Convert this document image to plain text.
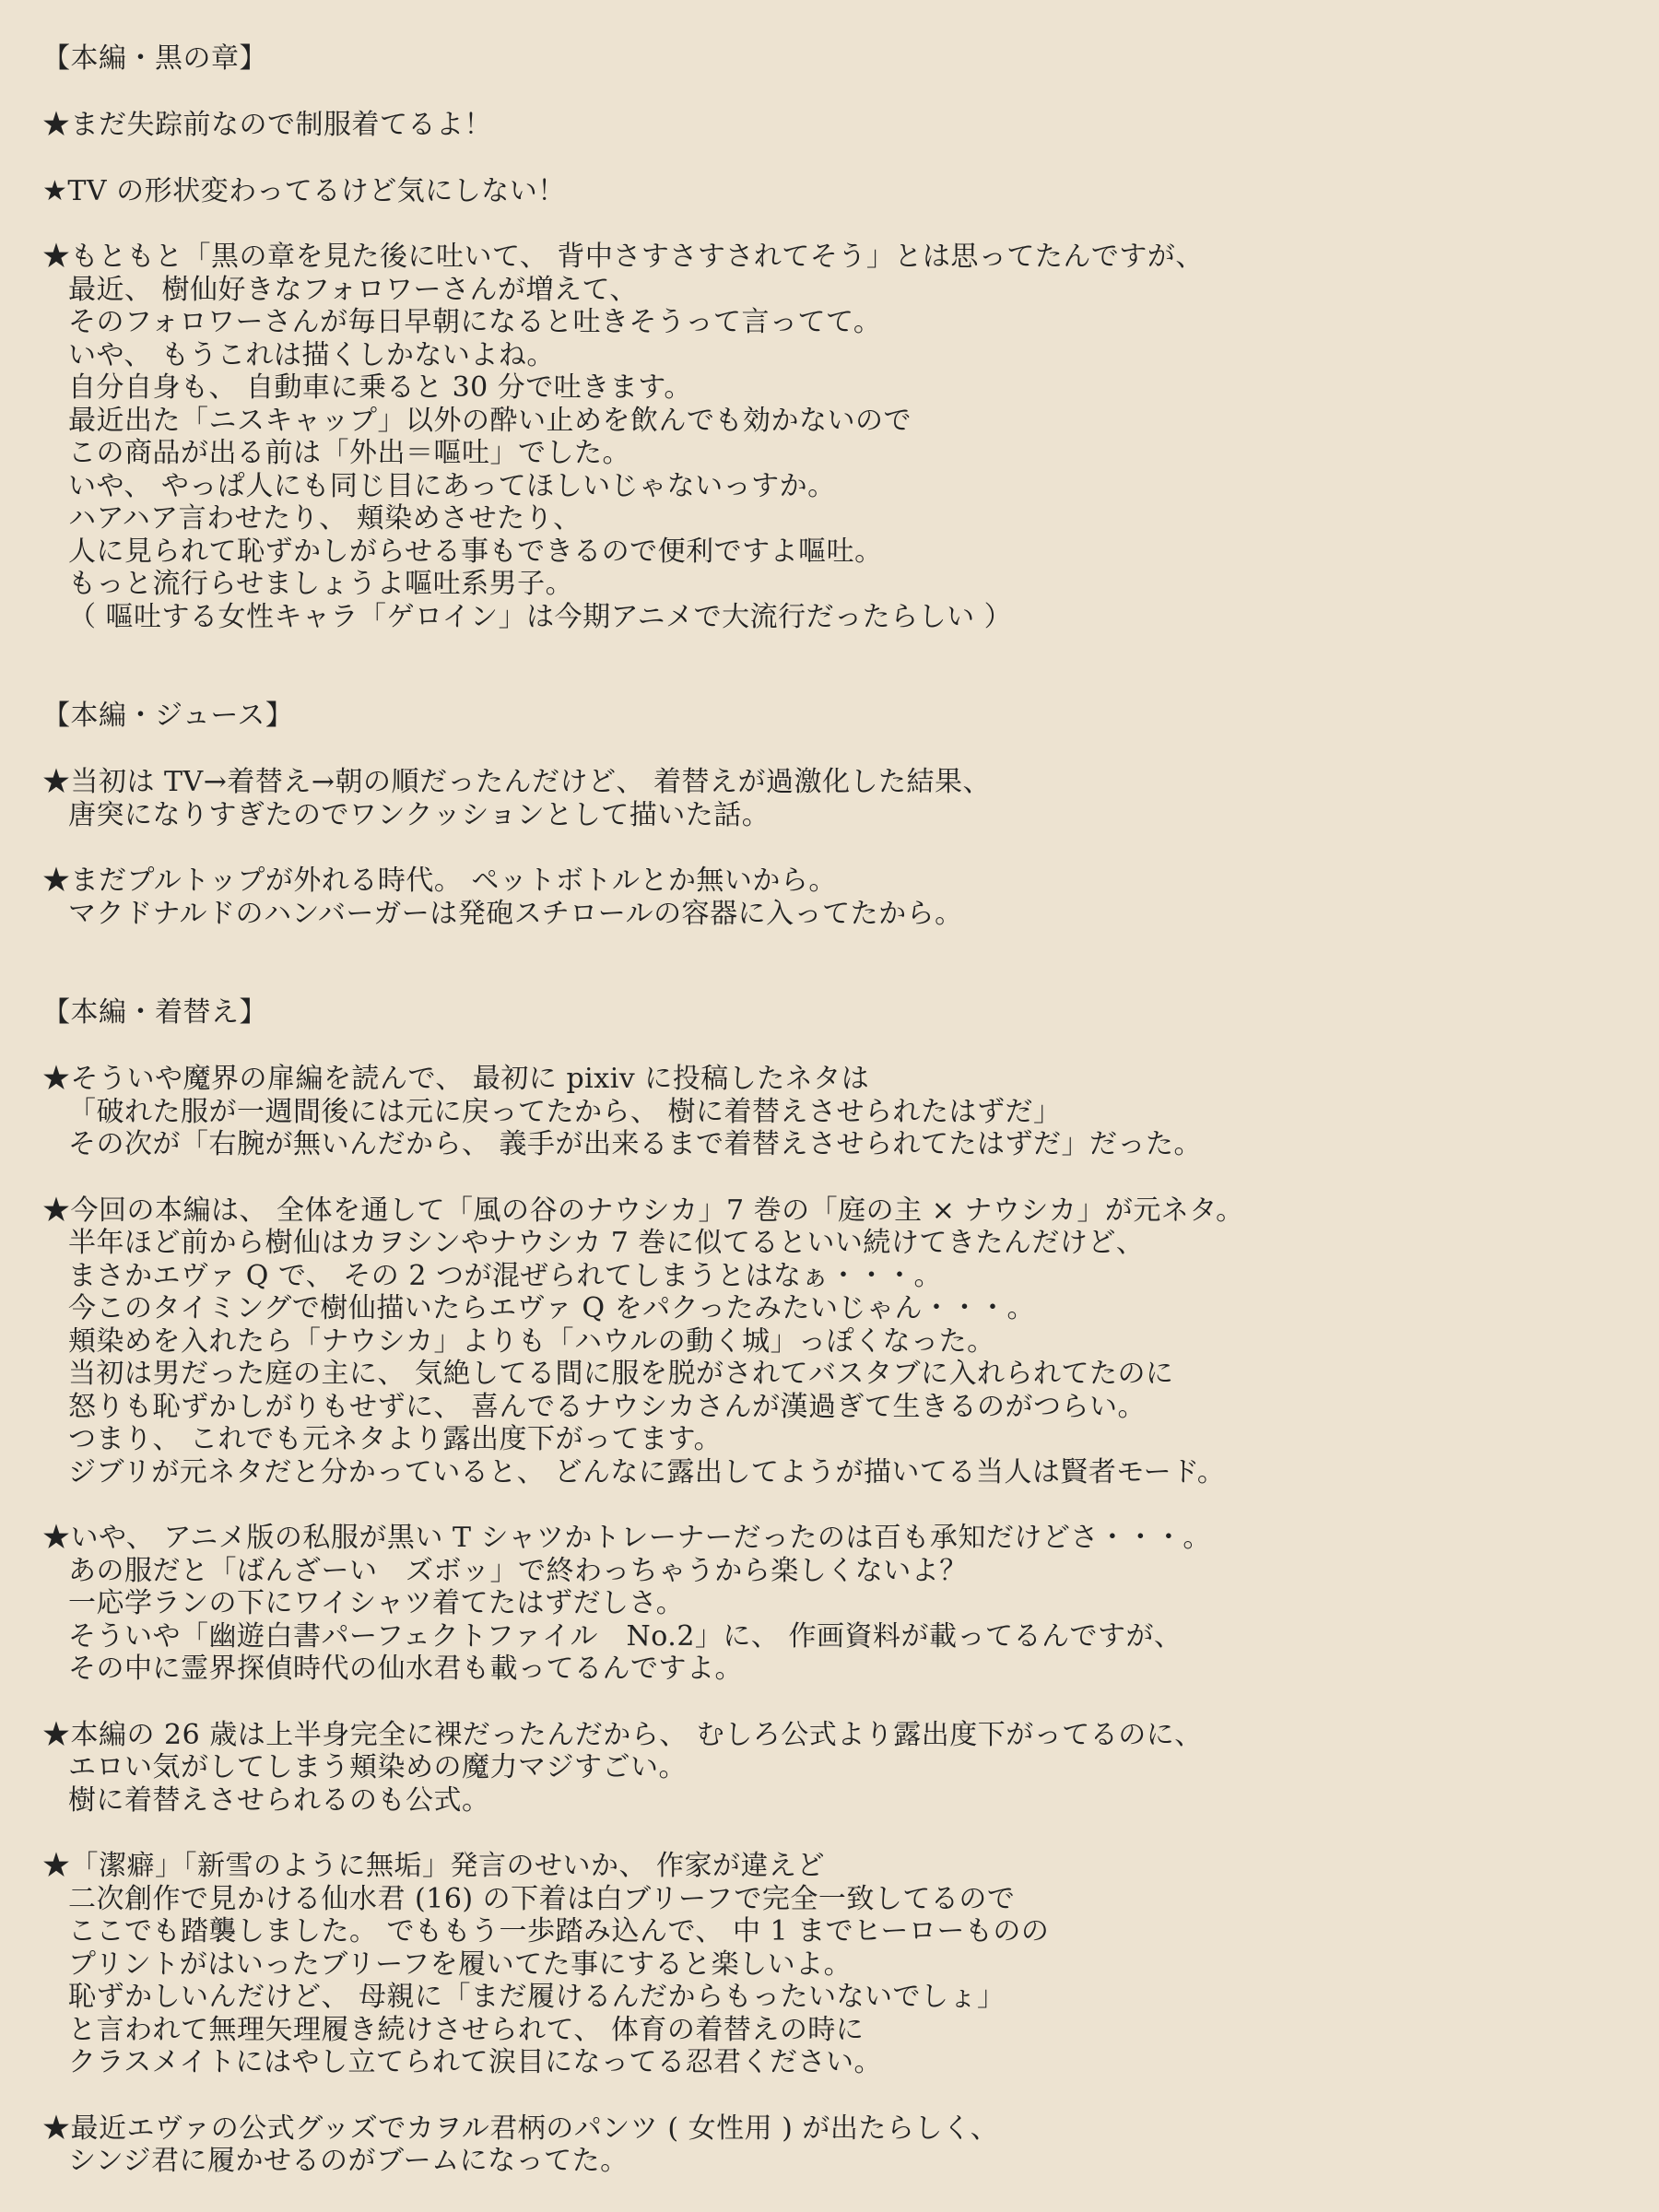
【本編・黒の章】
★まだ失踪前なので制服着てるよ！
★TV の形状変わってるけど気にしない！
★もともと「黒の章を見た後に吐いて、 背中さすさすされてそう」とは思ってたんですが、
最近、 樹仙好きなフォロワーさんが増えて、
そのフォロワーさんが毎日早朝になると吐きそうって言ってて。
いや、 もうこれは描くしかないよね。
自分自身も、 自動車に乗ると 30 分で吐きます。
最近出た「ニスキャップ」以外の酔い止めを飲んでも効かないので
この商品が出る前は「外出＝嘔吐」でした。
いや、 やっぱ人にも同じ目にあってほしいじゃないっすか。
ハアハア言わせたり、 頬染めさせたり、
人に見られて恥ずかしがらせる事もできるので便利ですよ嘔吐。
もっと流行らせましょうよ嘔吐系男子。
（ 嘔吐する女性キャラ「ゲロイン」は今期アニメで大流行だったらしい ）
【本編・ジュース】
★当初は TV→着替え→朝の順だったんだけど、 着替えが過激化した結果、
唐突になりすぎたのでワンクッションとして描いた話。
★まだプルトップが外れる時代。 ペットボトルとか無いから。
マクドナルドのハンバーガーは発砲スチロールの容器に入ってたから。
【本編・着替え】
★そういや魔界の扉編を読んで、 最初に pixiv に投稿したネタは
「破れた服が一週間後には元に戻ってたから、 樹に着替えさせられたはずだ」
その次が「右腕が無いんだから、 義手が出来るまで着替えさせられてたはずだ」だった。
★今回の本編は、 全体を通して「風の谷のナウシカ」7 巻の「庭の主 × ナウシカ」が元ネタ。
半年ほど前から樹仙はカヲシンやナウシカ 7 巻に似てるといい続けてきたんだけど、
まさかエヴァ Q で、 その 2 つが混ぜられてしまうとはなぁ・・・。
今このタイミングで樹仙描いたらエヴァ Q をパクったみたいじゃん・・・。
頬染めを入れたら「ナウシカ」よりも「ハウルの動く城」っぽくなった。
当初は男だった庭の主に、 気絶してる間に服を脱がされてバスタブに入れられてたのに
怒りも恥ずかしがりもせずに、 喜んでるナウシカさんが漢過ぎて生きるのがつらい。
つまり、 これでも元ネタより露出度下がってます。
ジブリが元ネタだと分かっていると、 どんなに露出してようが描いてる当人は賢者モード。
★いや、 アニメ版の私服が黒い T シャツかトレーナーだったのは百も承知だけどさ・・・。
あの服だと「ばんざーい　ズボッ」で終わっちゃうから楽しくないよ？
一応学ランの下にワイシャツ着てたはずだしさ。
そういや「幽遊白書パーフェクトファイル　No.2」に、 作画資料が載ってるんですが、
その中に霊界探偵時代の仙水君も載ってるんですよ。
★本編の 26 歳は上半身完全に裸だったんだから、 むしろ公式より露出度下がってるのに、
エロい気がしてしまう頬染めの魔力マジすごい。
樹に着替えさせられるのも公式。
★「潔癖」「新雪のように無垢」発言のせいか、 作家が違えど
二次創作で見かける仙水君 (16) の下着は白ブリーフで完全一致してるので
ここでも踏襲しました。 でももう一歩踏み込んで、 中 1 までヒーローものの
プリントがはいったブリーフを履いてた事にすると楽しいよ。
恥ずかしいんだけど、 母親に「まだ履けるんだからもったいないでしょ」
と言われて無理矢理履き続けさせられて、 体育の着替えの時に
クラスメイトにはやし立てられて涙目になってる忍君ください。
★最近エヴァの公式グッズでカヲル君柄のパンツ ( 女性用 ) が出たらしく、
シンジ君に履かせるのがブームになってた。
